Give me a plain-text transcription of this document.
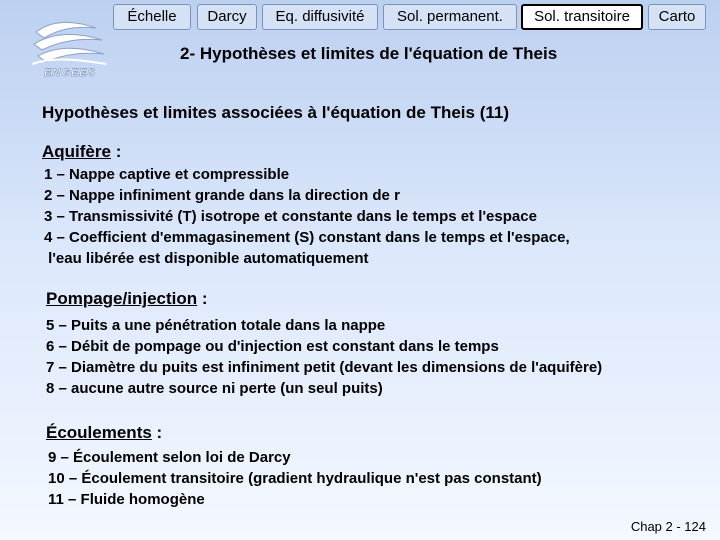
ENGEES
Échelle	Darcy	Eq. diffusivité	Sol. permanent.	Sol. transitoire	Carto
2- Hypothèses et limites de l'équation de Theis
Hypothèses et limites associées à l'équation de Theis (11)
Aquifère :
1 – Nappe captive et compressible
2 – Nappe infiniment grande dans la direction de r
3 – Transmissivité (T) isotrope et constante dans le temps et l'espace
4 – Coefficient d'emmagasinement (S) constant dans le temps et l'espace,
l'eau libérée est disponible automatiquement
Pompage/injection :
5 – Puits a une pénétration totale dans la nappe
6 – Débit de pompage ou d'injection est constant dans le temps
7 – Diamètre du puits est infiniment petit (devant les dimensions de l'aquifère)
8 – aucune autre source ni perte (un seul puits)
Écoulements :
9 – Écoulement selon loi de Darcy
10 – Écoulement transitoire (gradient hydraulique n'est pas constant)
11 – Fluide homogène
Chap 2 - 124
